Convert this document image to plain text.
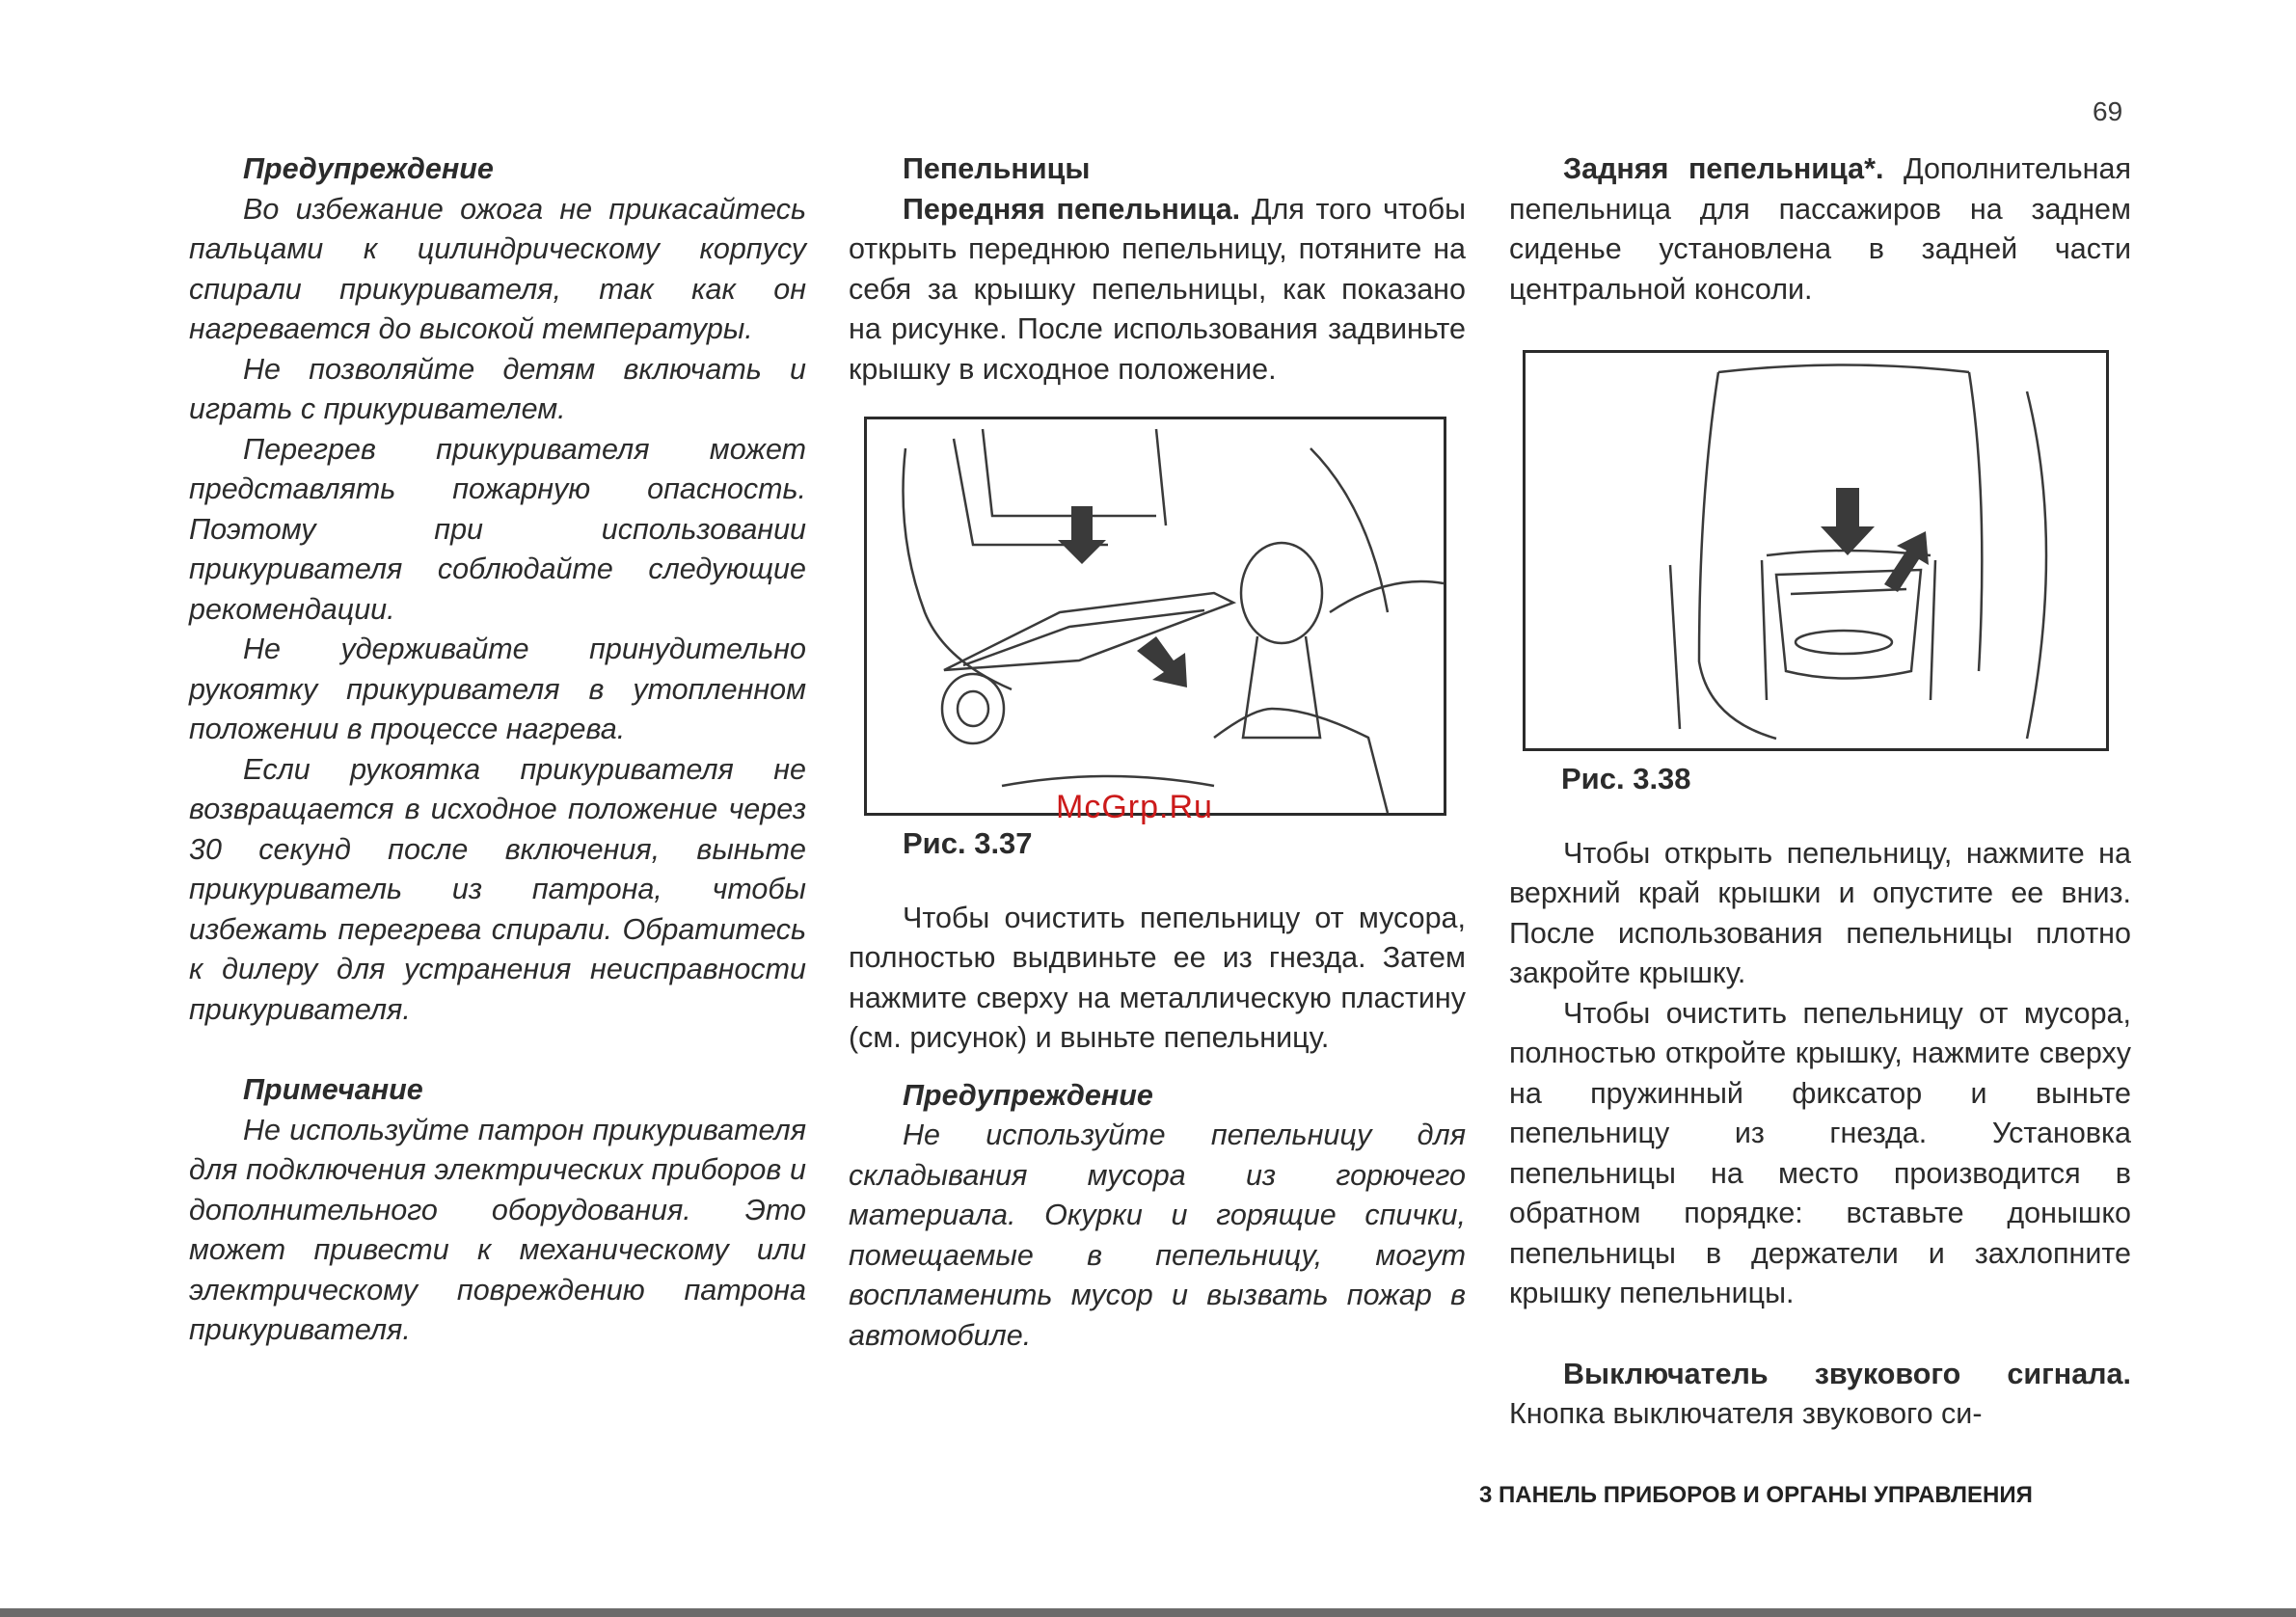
69

Предупреждение

Во избежание ожога не прикасайтесь пальцами к цилиндрическому корпусу спирали прикуривателя, так как он нагревается до высокой температуры.

Не позволяйте детям включать и играть с прикуривателем.

Перегрев прикуривателя может представлять пожарную опасность. Поэтому при использовании прикуривателя соблюдайте следующие рекомендации.

Не удерживайте принудительно рукоятку прикуривателя в утопленном положении в процессе нагрева.

Если рукоятка прикуривателя не возвращается в исходное положение через 30 секунд после включения, выньте прикуриватель из патрона, чтобы избежать перегрева спирали. Обратитесь к дилеру для устранения неисправности прикуривателя.

Примечание

Не используйте патрон прикуривателя для подключения электрических приборов и дополнительного оборудования. Это может привести к механическому или электрическому повреждению патрона прикуривателя.

Пепельницы

Передняя пепельница. Для того чтобы открыть переднюю пепельницу, потяните на себя за крышку пепельницы, как показано на рисунке. После использования задвиньте крышку в исходное положение.

Рис. 3.37

Чтобы очистить пепельницу от мусора, полностью выдвиньте ее из гнезда. Затем нажмите сверху на металлическую пластину (см. рисунок) и выньте пепельницу.

Предупреждение

Не используйте пепельницу для складывания мусора из горючего материала. Окурки и горящие спички, помещаемые в пепельницу, могут воспламенить мусор и вызвать пожар в автомобиле.

Задняя пепельница*. Дополнительная пепельница для пассажиров на заднем сиденье установлена в задней части центральной консоли.

Рис. 3.38

Чтобы открыть пепельницу, нажмите на верхний край крышки и опустите ее вниз. После использования пепельницы плотно закройте крышку.

Чтобы очистить пепельницу от мусора, полностью откройте крышку, нажмите сверху на пружинный фиксатор и выньте пепельницу из гнезда. Установка пепельницы на место производится в обратном порядке: вставьте донышко пепельницы в держатели и захлопните крышку пепельницы.

Выключатель звукового сигнала. Кнопка выключателя звукового си-

McGrp.Ru
3 ПАНЕЛЬ ПРИБОРОВ И ОРГАНЫ УПРАВЛЕНИЯ
